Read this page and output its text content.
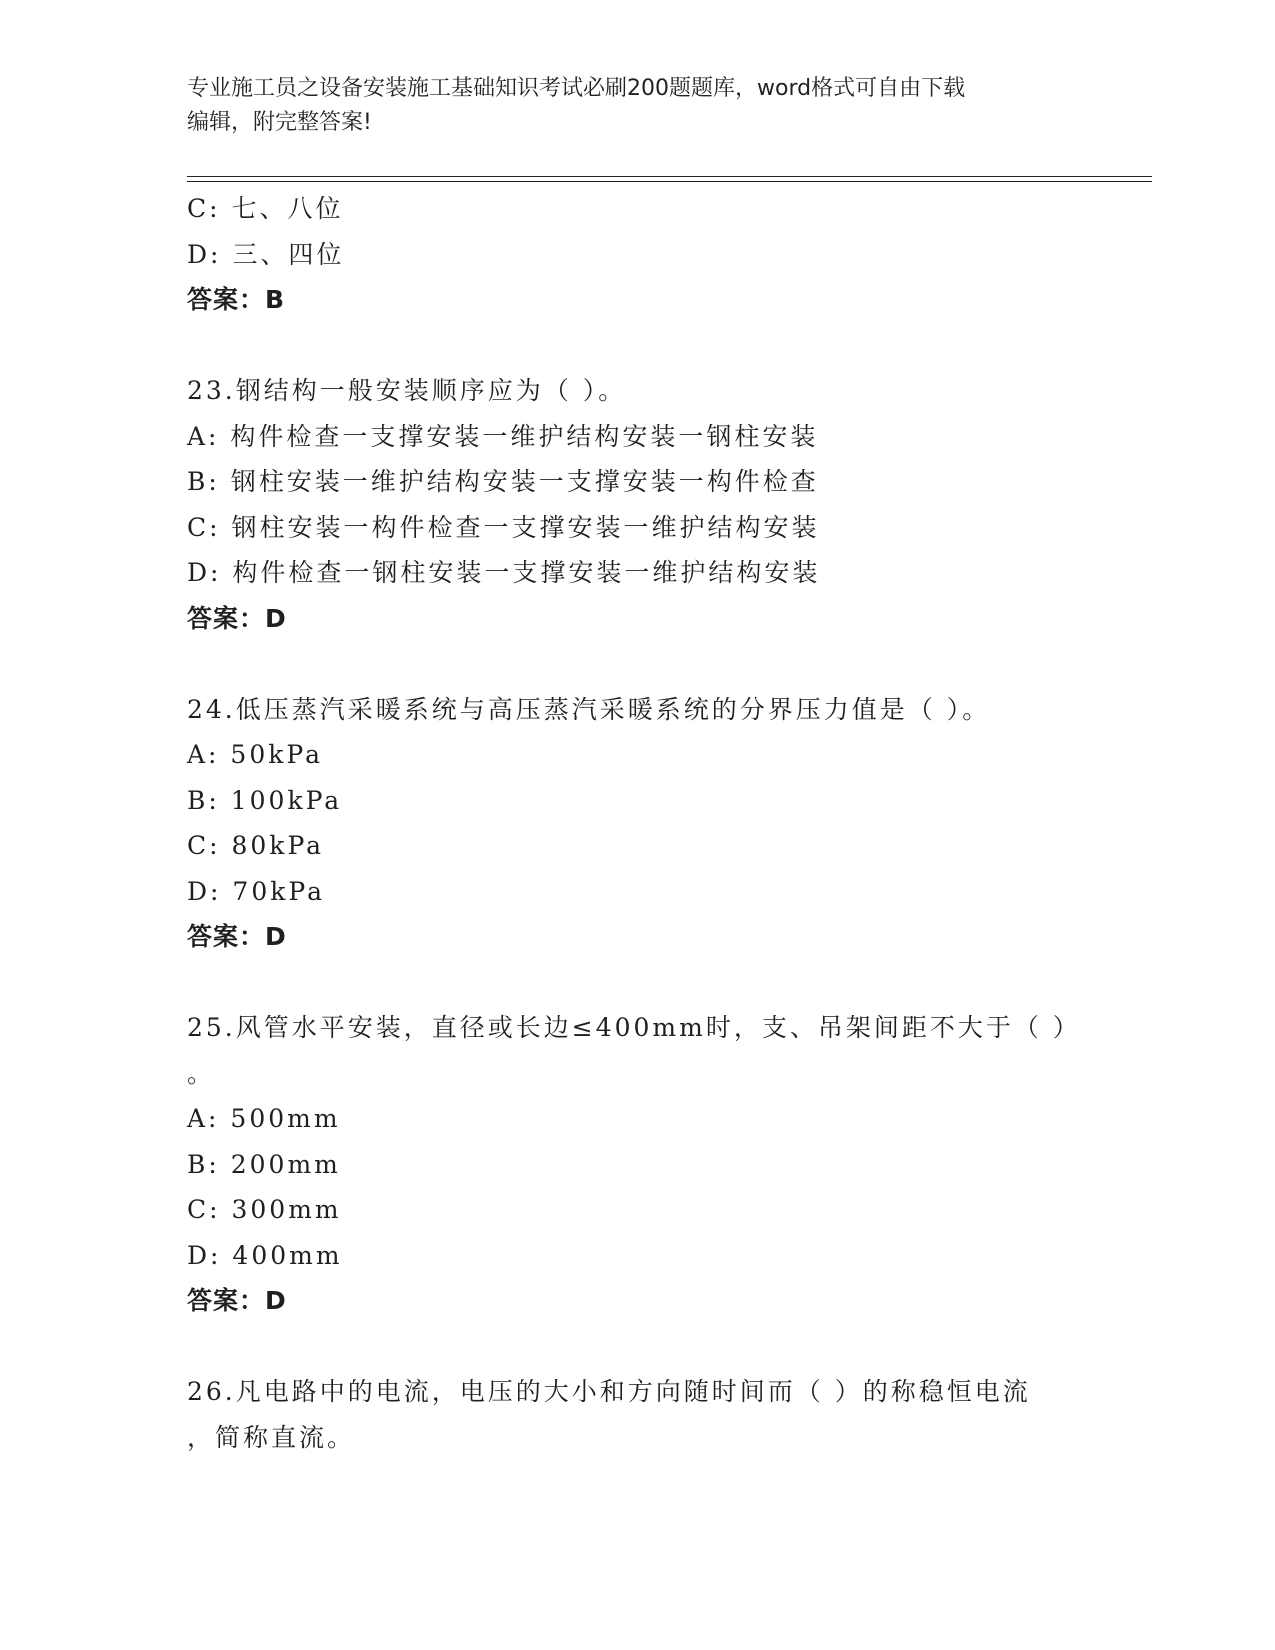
专业施工员之设备安装施工基础知识考试必刷200题题库，word格式可自由下载
编辑，附完整答案!
C: 七、八位
D: 三、四位
答案：B
23.钢结构一般安装顺序应为（ ）。
A: 构件检查一支撑安装一维护结构安装一钢柱安装
B: 钢柱安装一维护结构安装一支撑安装一构件检查
C: 钢柱安装一构件检查一支撑安装一维护结构安装
D: 构件检查一钢柱安装一支撑安装一维护结构安装
答案：D
24.低压蒸汽采暖系统与高压蒸汽采暖系统的分界压力值是（ ）。
A: 50kPa
B: 100kPa
C: 80kPa
D: 70kPa
答案：D
25.风管水平安装，直径或长边≤400mm时，支、吊架间距不大于（ ）
。
A: 500mm
B: 200mm
C: 300mm
D: 400mm
答案：D
26.凡电路中的电流，电压的大小和方向随时间而（ ）的称稳恒电流
，简称直流。
